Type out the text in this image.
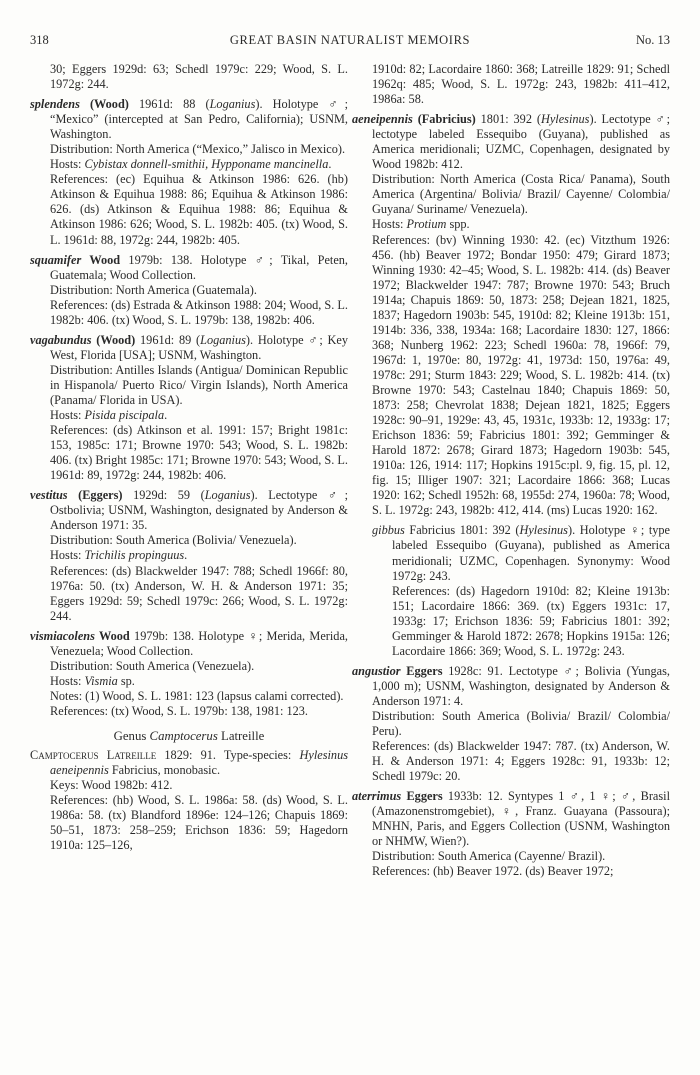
318	GREAT BASIN NATURALIST MEMOIRS	No. 13

30; Eggers 1929d: 63; Schedl 1979c: 229; Wood, S. L. 1972g: 244.

splendens (Wood) 1961d: 88 (Loganius). Holotype ♂; “Mexico” (intercepted at San Pedro, California); USNM, Washington.

Distribution: North America (“Mexico,” Jalisco in Mexico).

Hosts: Cybistax donnell-smithii, Hypponame mancinella.

References: (ec) Equihua & Atkinson 1986: 626. (hb) Atkinson & Equihua 1988: 86; Equihua & Atkinson 1986: 626. (ds) Atkinson & Equihua 1988: 86; Equihua & Atkinson 1986: 626; Wood, S. L. 1982b: 405. (tx) Wood, S. L. 1961d: 88, 1972g: 244, 1982b: 405.

squamifer Wood 1979b: 138. Holotype ♂; Tikal, Peten, Guatemala; Wood Collection.

Distribution: North America (Guatemala).

References: (ds) Estrada & Atkinson 1988: 204; Wood, S. L. 1982b: 406. (tx) Wood, S. L. 1979b: 138, 1982b: 406.

vagabundus (Wood) 1961d: 89 (Loganius). Holotype ♂; Key West, Florida [USA]; USNM, Washington.

Distribution: Antilles Islands (Antigua/ Dominican Republic in Hispanola/ Puerto Rico/ Virgin Islands), North America (Panama/ Florida in USA).

Hosts: Pisida piscipala.

References: (ds) Atkinson et al. 1991: 157; Bright 1981c: 153, 1985c: 171; Browne 1970: 543; Wood, S. L. 1982b: 406. (tx) Bright 1985c: 171; Browne 1970: 543; Wood, S. L. 1961d: 89, 1972g: 244, 1982b: 406.

vestitus (Eggers) 1929d: 59 (Loganius). Lectotype ♂; Ostbolivia; USNM, Washington, designated by Anderson & Anderson 1971: 35.

Distribution: South America (Bolivia/ Venezuela).

Hosts: Trichilis propinguus.

References: (ds) Blackwelder 1947: 788; Schedl 1966f: 80, 1976a: 50. (tx) Anderson, W. H. & Anderson 1971: 35; Eggers 1929d: 59; Schedl 1979c: 266; Wood, S. L. 1972g: 244.

vismiacolens Wood 1979b: 138. Holotype ♀; Merida, Merida, Venezuela; Wood Collection.

Distribution: South America (Venezuela).

Hosts: Vismia sp.

Notes: (1) Wood, S. L. 1981: 123 (lapsus calami corrected).

References: (tx) Wood, S. L. 1979b: 138, 1981: 123.

Genus Camptocerus Latreille

Camptocerus Latreille 1829: 91. Type-species: Hylesinus aeneipennis Fabricius, monobasic.

Keys: Wood 1982b: 412.

References: (hb) Wood, S. L. 1986a: 58. (ds) Wood, S. L. 1986a: 58. (tx) Blandford 1896e: 124–126; Chapuis 1869: 50–51, 1873: 258–259; Erichson 1836: 59; Hagedorn 1910a: 125–126,

1910d: 82; Lacordaire 1860: 368; Latreille 1829: 91; Schedl 1962q: 485; Wood, S. L. 1972g: 243, 1982b: 411–412, 1986a: 58.

aeneipennis (Fabricius) 1801: 392 (Hylesinus). Lectotype ♂; lectotype labeled Essequibo (Guyana), published as America meridionali; UZMC, Copenhagen, designated by Wood 1982b: 412.

Distribution: North America (Costa Rica/ Panama), South America (Argentina/ Bolivia/ Brazil/ Cayenne/ Colombia/ Guyana/ Suriname/ Venezuela).

Hosts: Protium spp.

References: (bv) Winning 1930: 42. (ec) Vitzthum 1926: 456. (hb) Beaver 1972; Bondar 1950: 479; Girard 1873; Winning 1930: 42–45; Wood, S. L. 1982b: 414. (ds) Beaver 1972; Blackwelder 1947: 787; Browne 1970: 543; Bruch 1914a; Chapuis 1869: 50, 1873: 258; Dejean 1821, 1825, 1837; Hagedorn 1903b: 545, 1910d: 82; Kleine 1913b: 151, 1914b: 336, 338, 1934a: 168; Lacordaire 1830: 127, 1866: 368; Nunberg 1962: 223; Schedl 1960a: 78, 1966f: 79, 1967d: 1, 1970e: 80, 1972g: 41, 1973d: 150, 1976a: 49, 1978c: 291; Sturm 1843: 229; Wood, S. L. 1982b: 414. (tx) Browne 1970: 543; Castelnau 1840; Chapuis 1869: 50, 1873: 258; Chevrolat 1838; Dejean 1821, 1825; Eggers 1928c: 90–91, 1929e: 43, 45, 1931c, 1933b: 12, 1933g: 17; Erichson 1836: 59; Fabricius 1801: 392; Gemminger & Harold 1872: 2678; Girard 1873; Hagedorn 1903b: 545, 1910a: 126, 1914: 117; Hopkins 1915c:pl. 9, fig. 15, pl. 12, fig. 15; Illiger 1907: 321; Lacordaire 1866: 368; Lucas 1920: 162; Schedl 1952h: 68, 1955d: 274, 1960a: 78; Wood, S. L. 1972g: 243, 1982b: 412, 414. (ms) Lucas 1920: 162.

gibbus Fabricius 1801: 392 (Hylesinus). Holotype ♀; type labeled Essequibo (Guyana), published as America meridionali; UZMC, Copenhagen. Synonymy: Wood 1972g: 243.

References: (ds) Hagedorn 1910d: 82; Kleine 1913b: 151; Lacordaire 1866: 369. (tx) Eggers 1931c: 17, 1933g: 17; Erichson 1836: 59; Fabricius 1801: 392; Gemminger & Harold 1872: 2678; Hopkins 1915a: 126; Lacordaire 1866: 369; Wood, S. L. 1972g: 243.

angustior Eggers 1928c: 91. Lectotype ♂; Bolivia (Yungas, 1,000 m); USNM, Washington, designated by Anderson & Anderson 1971: 4.

Distribution: South America (Bolivia/ Brazil/ Colombia/ Peru).

References: (ds) Blackwelder 1947: 787. (tx) Anderson, W. H. & Anderson 1971: 4; Eggers 1928c: 91, 1933b: 12; Schedl 1979c: 20.

aterrimus Eggers 1933b: 12. Syntypes 1 ♂, 1 ♀; ♂, Brasil (Amazonenstromgebiet), ♀, Franz. Guayana (Passoura); MNHN, Paris, and Eggers Collection (USNM, Washington or NHMW, Wien?).

Distribution: South America (Cayenne/ Brazil).

References: (hb) Beaver 1972. (ds) Beaver 1972;
